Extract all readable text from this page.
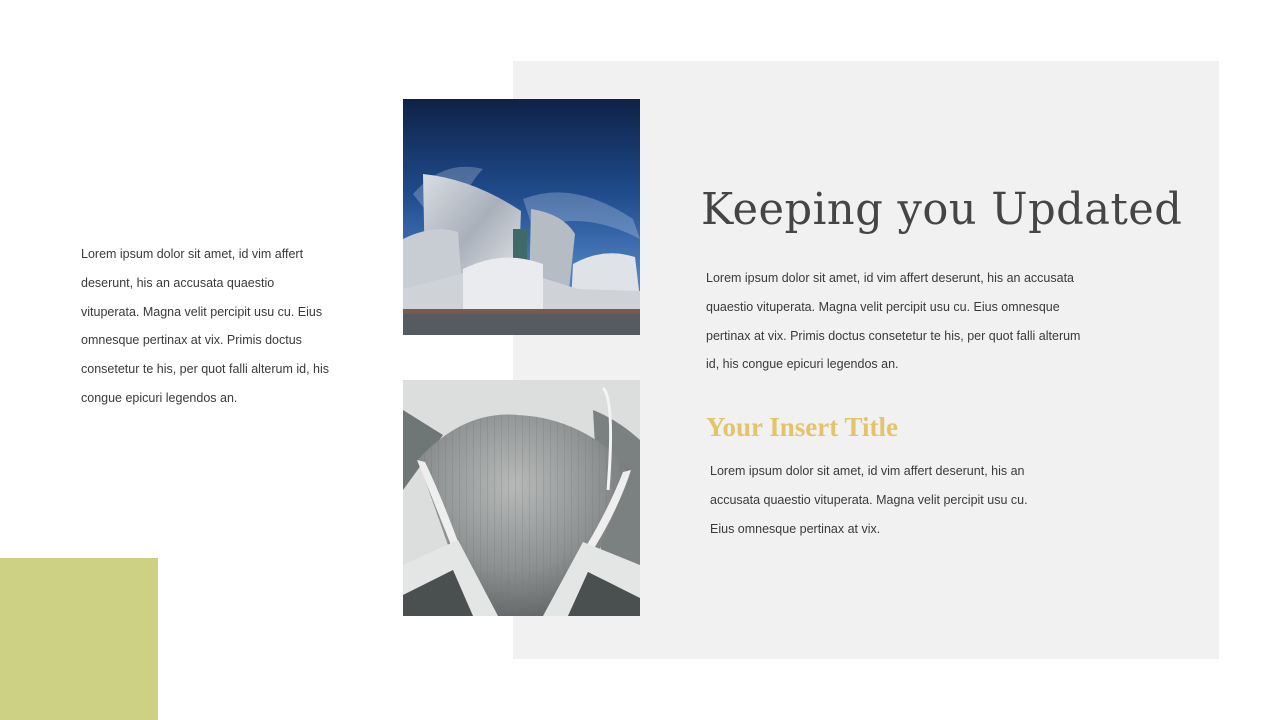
Lorem ipsum dolor sit amet, id vim affert deserunt, his an accusata quaestio vituperata. Magna velit percipit usu cu. Eius omnesque pertinax at vix. Primis doctus consetetur te his, per quot falli alterum id, his congue epicuri legendos an.

Keeping you Updated

Lorem ipsum dolor sit amet, id vim affert deserunt, his an accusata quaestio vituperata. Magna velit percipit usu cu. Eius omnesque pertinax at vix. Primis doctus consetetur te his, per quot falli alterum id, his congue epicuri legendos an.

Your Insert Title

Lorem ipsum dolor sit amet, id vim affert deserunt, his an accusata quaestio vituperata. Magna velit percipit usu cu. Eius omnesque pertinax at vix.
